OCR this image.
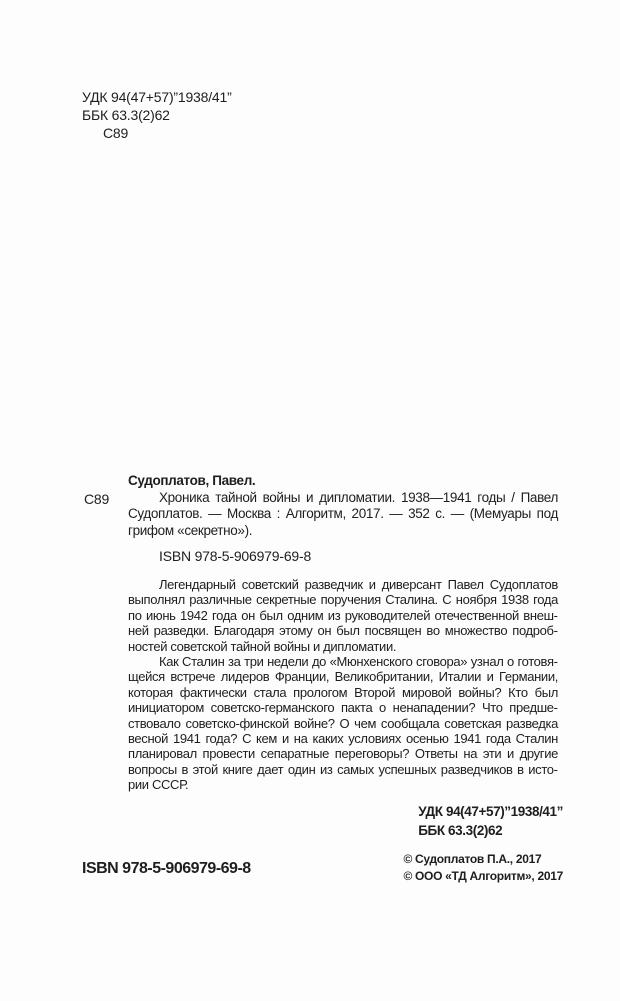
УДК 94(47+57)”1938/41”
ББК 63.3(2)62
С89
С89
Судоплатов, Павел.
Хроника тайной войны и дипломатии. 1938—1941 годы / Павел Судоплатов. — Москва : Алгоритм, 2017. — 352 с. — (Мемуары под грифом «секретно»).
ISBN 978-5-906979-69-8

Легендарный советский разведчик и диверсант Павел Судоплатов выполнял различные секретные поручения Сталина. С ноября 1938 года по июнь 1942 года он был одним из руководителей отечественной внешней разведки. Благодаря этому он был посвящен во множество подробностей советской тайной войны и дипломатии.

Как Сталин за три недели до «Мюнхенского сговора» узнал о готовящейся встрече лидеров Франции, Великобритании, Италии и Германии, которая фактически стала прологом Второй мировой войны? Кто был инициатором советско-германского пакта о ненападении? Что предшествовало советско-финской войне? О чем сообщала советская разведка весной 1941 года? С кем и на каких условиях осенью 1941 года Сталин планировал провести сепаратные переговоры? Ответы на эти и другие вопросы в этой книге дает один из самых успешных разведчиков в истории СССР.

УДК 94(47+57)”1938/41”
ББК 63.3(2)62
ISBN 978-5-906979-69-8
© Судоплатов П.А., 2017
© ООО «ТД Алгоритм», 2017
